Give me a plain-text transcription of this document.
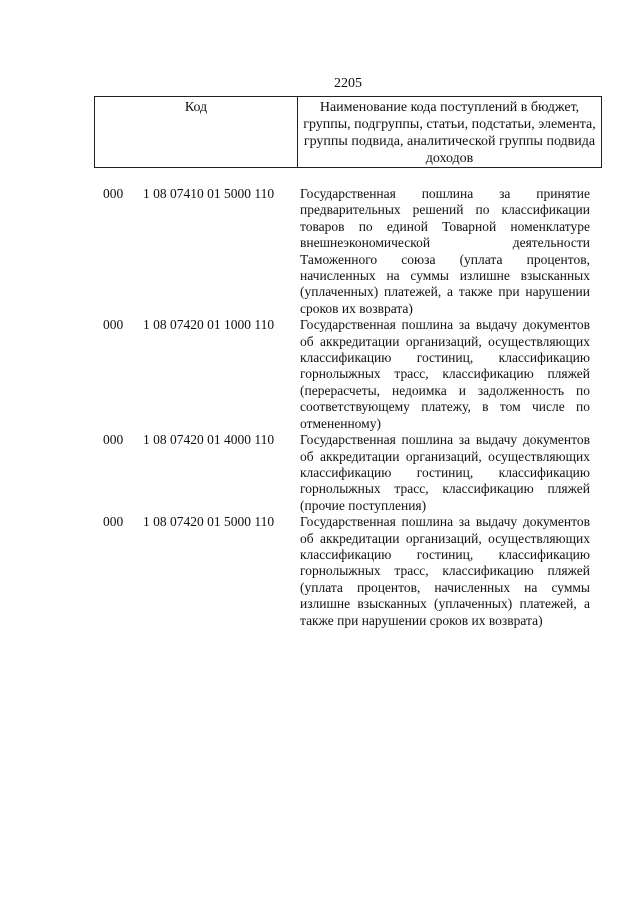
2205
Код	Наименование кода поступлений в бюджет, группы, подгруппы, статьи, подстатьи, элемента, группы подвида, аналитической группы подвида доходов
000 1 08 07410 01 5000 110 Государственная пошлина за принятие предварительных решений по классификации товаров по единой Товарной номенклатуре внешнеэкономической деятельности Таможенного союза (уплата процентов, начисленных на суммы излишне взысканных (уплаченных) платежей, а также при нарушении сроков их возврата)
000 1 08 07420 01 1000 110 Государственная пошлина за выдачу документов об аккредитации организаций, осуществляющих классификацию гостиниц, классификацию горнолыжных трасс, классификацию пляжей (перерасчеты, недоимка и задолженность по соответствующему платежу, в том числе по отмененному)
000 1 08 07420 01 4000 110 Государственная пошлина за выдачу документов об аккредитации организаций, осуществляющих классификацию гостиниц, классификацию горнолыжных трасс, классификацию пляжей (прочие поступления)
000 1 08 07420 01 5000 110 Государственная пошлина за выдачу документов об аккредитации организаций, осуществляющих классификацию гостиниц, классификацию горнолыжных трасс, классификацию пляжей (уплата процентов, начисленных на суммы излишне взысканных (уплаченных) платежей, а также при нарушении сроков их возврата)
